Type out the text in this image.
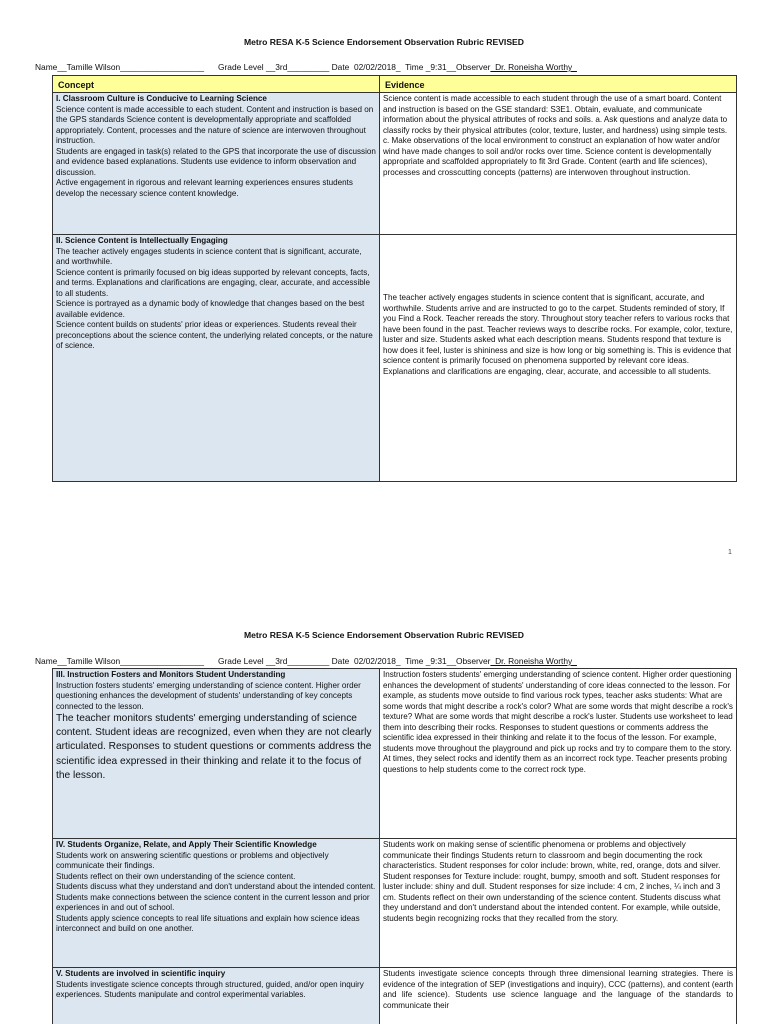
Metro RESA K-5 Science Endorsement Observation Rubric REVISED
Name__Tamille Wilson__________________ Grade Level __3rd_________ Date 02/02/2018_ Time _9:31__Observer_Dr. Roneisha Worthy_
Concept	Evidence
I. Classroom Culture is Conducive to Learning Science
Science content is made accessible to each student. Content and instruction is based on the GPS standards Science content is developmentally appropriate and scaffolded appropriately. Content, processes and the nature of science are interwoven throughout instruction.
Students are engaged in task(s) related to the GPS that incorporate the use of discussion and evidence based explanations. Students use evidence to inform observation and discussion.
Active engagement in rigorous and relevant learning experiences ensures students develop the necessary science content knowledge.
Science content is made accessible to each student through the use of a smart board. Content and instruction is based on the GSE standard: S3E1. Obtain, evaluate, and communicate information about the physical attributes of rocks and soils. a. Ask questions and analyze data to classify rocks by their physical attributes (color, texture, luster, and hardness) using simple tests. c. Make observations of the local environment to construct an explanation of how water and/or wind have made changes to soil and/or rocks over time. Science content is developmentally appropriate and scaffolded appropriately to fit 3rd Grade. Content (earth and life sciences), processes and crosscutting concepts (patterns) are interwoven throughout instruction.
II. Science Content is Intellectually Engaging
The teacher actively engages students in science content that is significant, accurate, and worthwhile.
Science content is primarily focused on big ideas supported by relevant concepts, facts, and terms. Explanations and clarifications are engaging, clear, accurate, and accessible to all students.
Science is portrayed as a dynamic body of knowledge that changes based on the best available evidence.
Science content builds on students' prior ideas or experiences. Students reveal their preconceptions about the science content, the underlying related concepts, or the nature of science.
The teacher actively engages students in science content that is significant, accurate, and worthwhile. Students arrive and are instructed to go to the carpet. Students reminded of story, If you Find a Rock. Teacher rereads the story. Throughout story teacher refers to various rocks that have been found in the past. Teacher reviews ways to describe rocks. For example, color, texture, luster and size. Students asked what each description means. Students respond that texture is how does it feel, luster is shininess and size is how long or big something is. This is evidence that science content is primarily focused on phenomena supported by relevant core ideas. Explanations and clarifications are engaging, clear, accurate, and accessible to all students.
1
Metro RESA K-5 Science Endorsement Observation Rubric REVISED
Name__Tamille Wilson__________________ Grade Level __3rd_________ Date 02/02/2018_ Time _9:31__Observer_Dr. Roneisha Worthy_
III. Instruction Fosters and Monitors Student Understanding
Instruction fosters students' emerging understanding of science content. Higher order questioning enhances the development of students' understanding of key concepts connected to the lesson.
The teacher monitors students' emerging understanding of science content. Student ideas are recognized, even when they are not clearly articulated. Responses to student questions or comments address the scientific idea expressed in their thinking and relate it to the focus of the lesson.
Instruction fosters students' emerging understanding of science content. Higher order questioning enhances the development of students' understanding of core ideas connected to the lesson. For example, as students move outside to find various rock types, teacher asks students: What are some words that might describe a rock's color? What are some words that might describe a rock's texture? What are some words that might describe a rock's luster. Students use worksheet to lead them into describing their rocks. Responses to student questions or comments address the scientific idea expressed in their thinking and relate it to the focus of the lesson. For example, students move throughout the playground and pick up rocks and try to compare them to the story. At times, they select rocks and identify them as an incorrect rock type. Teacher presents probing questions to help students come to the correct rock type.
IV. Students Organize, Relate, and Apply Their Scientific Knowledge
Students work on answering scientific questions or problems and objectively communicate their findings.
Students reflect on their own understanding of the science content.
Students discuss what they understand and don't understand about the intended content.
Students make connections between the science content in the current lesson and prior experiences in and out of school.
Students apply science concepts to real life situations and explain how science ideas interconnect and build on one another.
Students work on making sense of scientific phenomena or problems and objectively communicate their findings Students return to classroom and begin documenting the rock characteristics. Student responses for color include: brown, white, red, orange, dots and silver. Student responses for Texture include: rought, bumpy, smooth and soft. Student responses for luster include: shiny and dull. Student responses for size include: 4 cm, 2 inches, ¼ inch and 3 cm. Students reflect on their own understanding of the science content. Students discuss what they understand and don't understand about the intended content. For example, while outside, students begin recognizing rocks that they recalled from the story.
V. Students are involved in scientific inquiry
Students investigate science concepts through structured, guided, and/or open inquiry experiences. Students manipulate and control experimental variables.
Students investigate science concepts through three dimensional learning strategies. There is evidence of the integration of SEP (investigations and inquiry), CCC (patterns), and content (earth and life science). Students use science language and the language of the standards to communicate their
